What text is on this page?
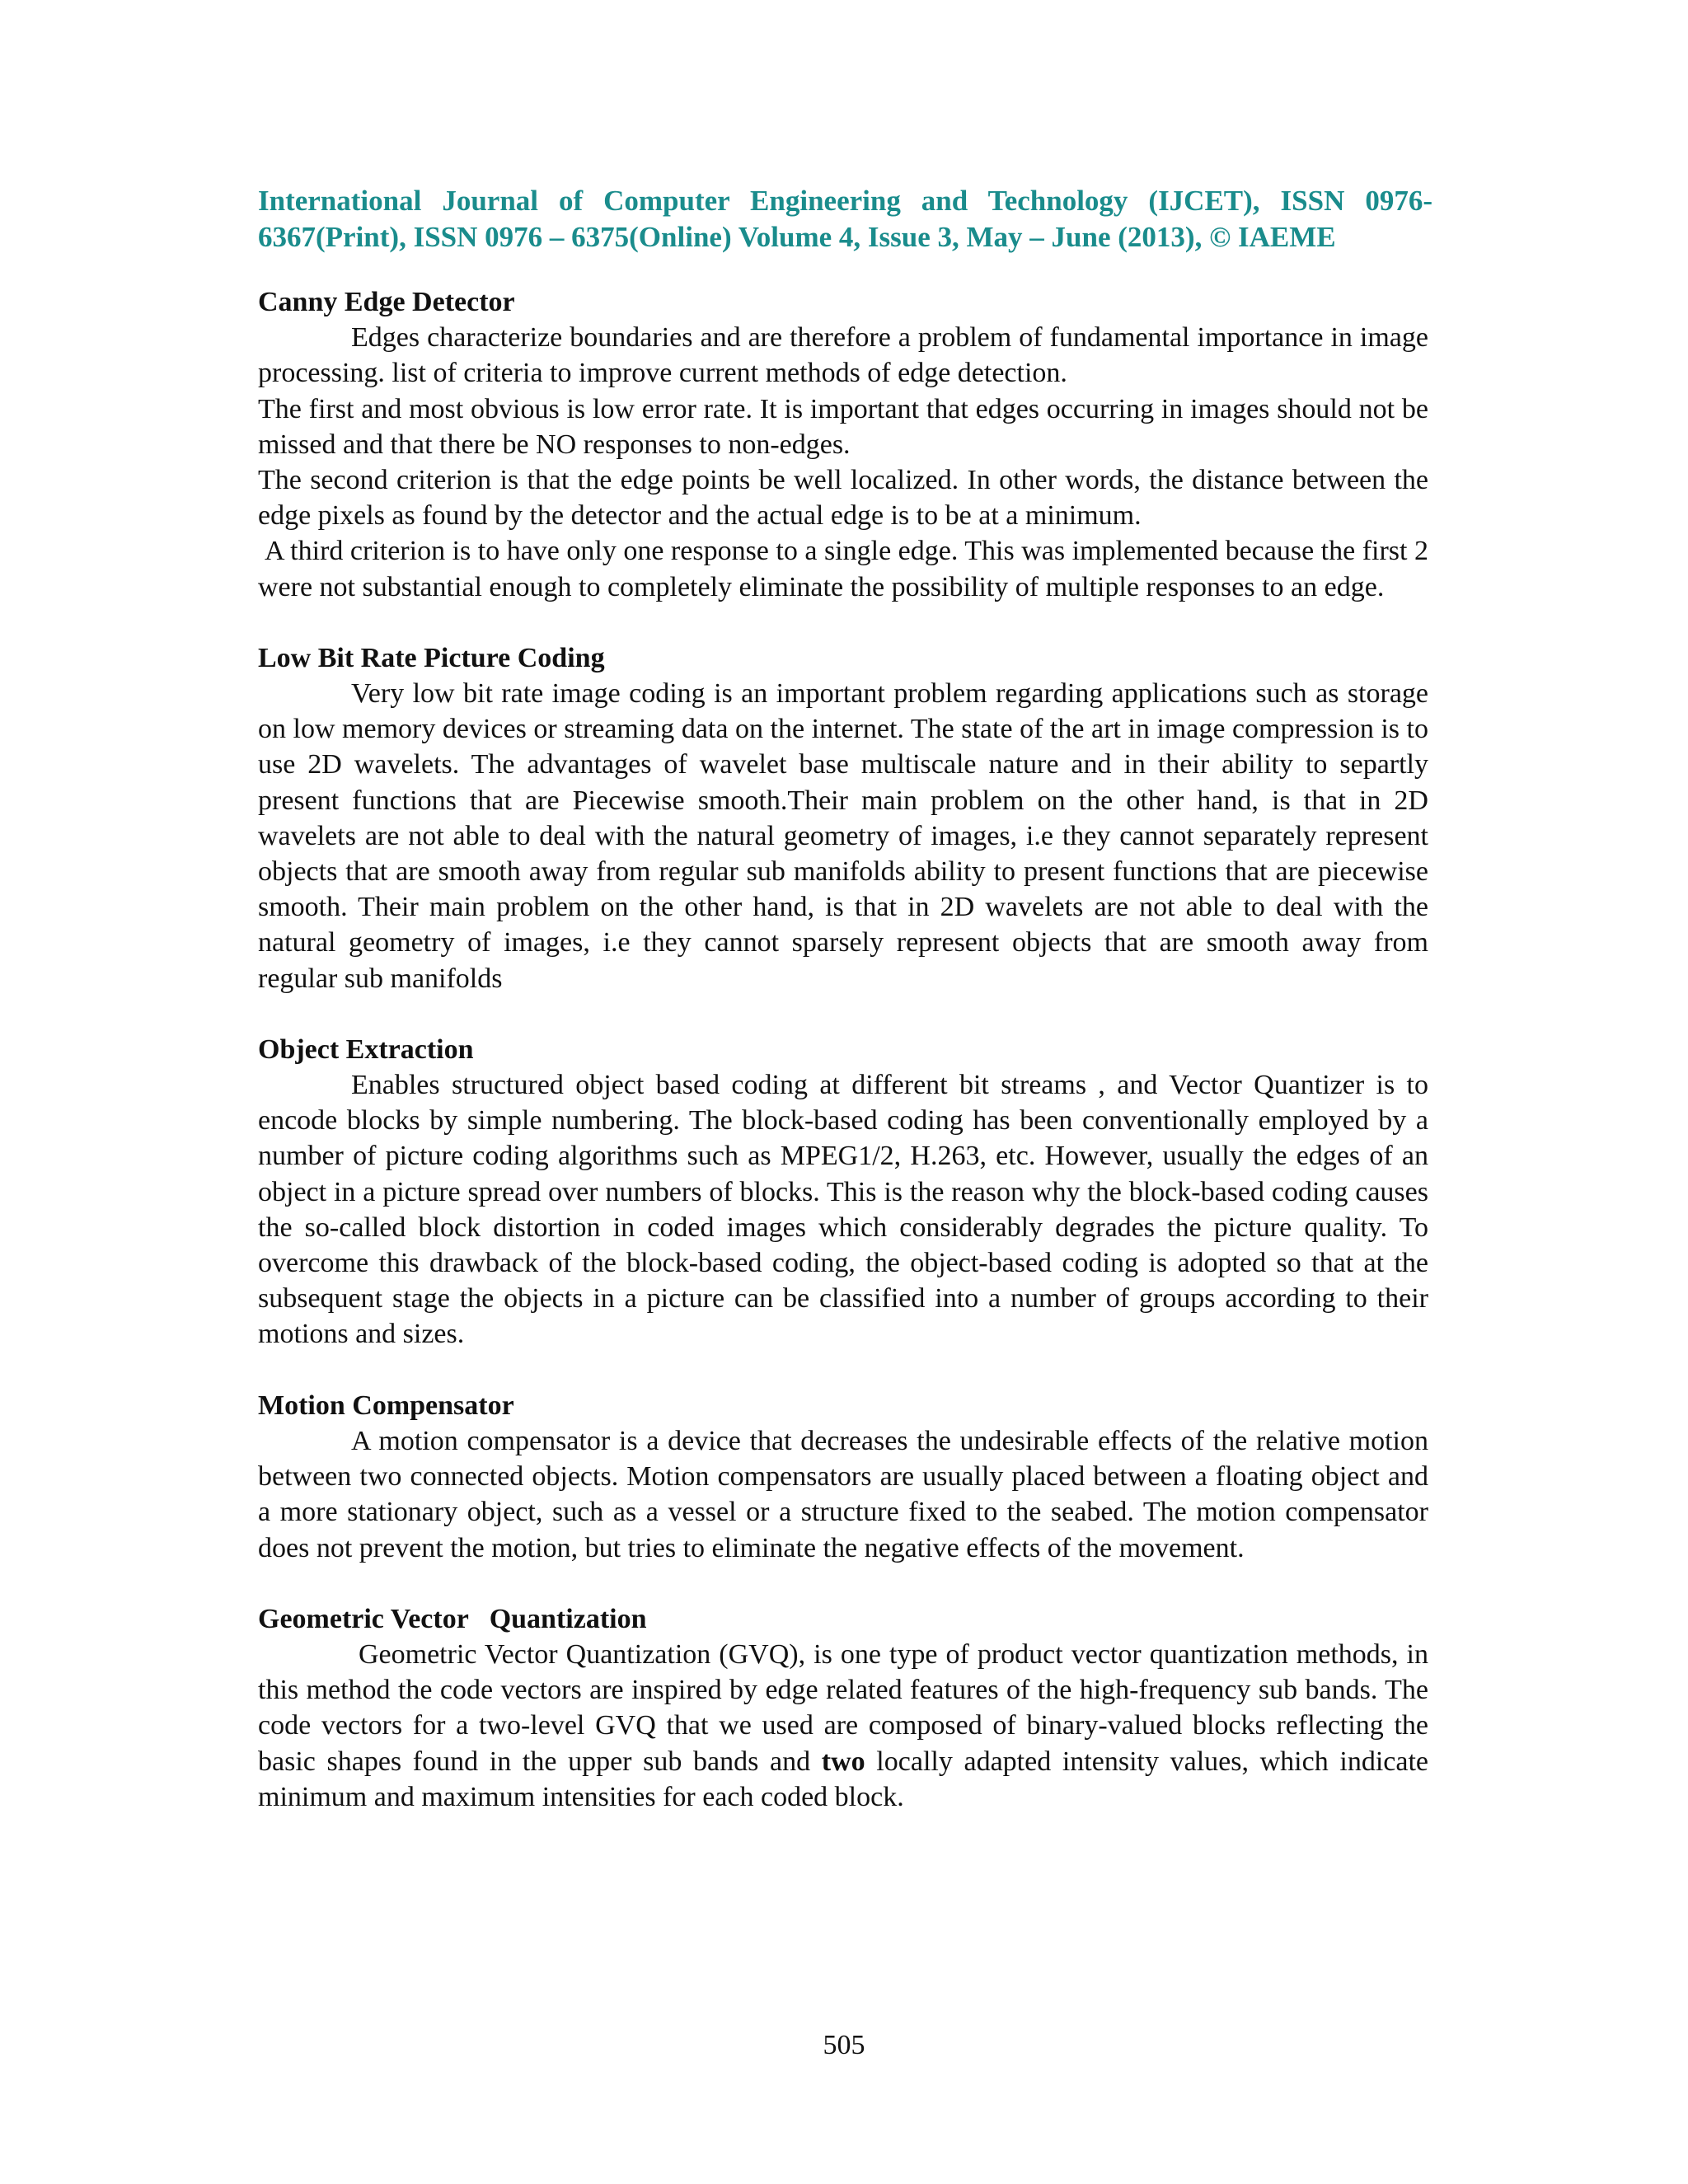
International Journal of Computer Engineering and Technology (IJCET), ISSN 0976-6367(Print), ISSN 0976 – 6375(Online) Volume 4, Issue 3, May – June (2013), © IAEME

Canny Edge Detector

Edges characterize boundaries and are therefore a problem of fundamental importance in image processing. list of criteria to improve current methods of edge detection.

The first and most obvious is low error rate. It is important that edges occurring in images should not be missed and that there be NO responses to non-edges.

The second criterion is that the edge points be well localized. In other words, the distance between the edge pixels as found by the detector and the actual edge is to be at a minimum.

A third criterion is to have only one response to a single edge. This was implemented because the first 2 were not substantial enough to completely eliminate the possibility of multiple responses to an edge.

Low Bit Rate Picture Coding

Very low bit rate image coding is an important problem regarding applications such as storage on low memory devices or streaming data on the internet. The state of the art in image compression is to use 2D wavelets. The advantages of wavelet base multiscale nature and in their ability to separtly present functions that are Piecewise smooth.Their main problem on the other hand, is that in 2D wavelets are not able to deal with the natural geometry of images, i.e they cannot separately represent objects that are smooth away from regular sub manifolds ability to present functions that are piecewise smooth. Their main problem on the other hand, is that in 2D wavelets are not able to deal with the natural geometry of images, i.e they cannot sparsely represent objects that are smooth away from regular sub manifolds

Object Extraction

Enables structured object based coding at different bit streams , and Vector Quantizer is to encode blocks by simple numbering. The block-based coding has been conventionally employed by a number of picture coding algorithms such as MPEG1/2, H.263, etc. However, usually the edges of an object in a picture spread over numbers of blocks. This is the reason why the block-based coding causes the so-called block distortion in coded images which considerably degrades the picture quality. To overcome this drawback of the block-based coding, the object-based coding is adopted so that at the subsequent stage the objects in a picture can be classified into a number of groups according to their motions and sizes.

Motion Compensator

A motion compensator is a device that decreases the undesirable effects of the relative motion between two connected objects. Motion compensators are usually placed between a floating object and a more stationary object, such as a vessel or a structure fixed to the seabed. The motion compensator does not prevent the motion, but tries to eliminate the negative effects of the movement.

Geometric Vector   Quantization

Geometric Vector Quantization (GVQ), is one type of product vector quantization methods, in this method the code vectors are inspired by edge related features of the high-frequency sub bands. The code vectors for a two-level GVQ that we used are composed of binary-valued blocks reflecting the basic shapes found in the upper sub bands and two locally adapted intensity values, which indicate minimum and maximum intensities for each coded block.

505
